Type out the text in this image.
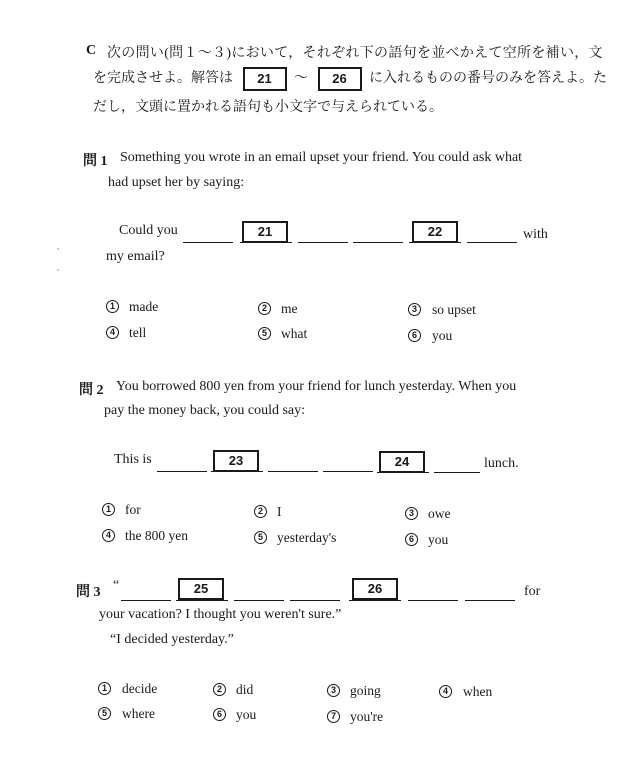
C 次の問い(問１～３)において，それぞれ下の語句を並べかえて空所を補い，文
を完成させよ。解答は 21 ～ 26 に入れるものの番号のみを答えよ。た
だし，文頭に置かれる語句も小文字で与えられている。
問 1 Something you wrote in an email upset your friend. You could ask what
had upset her by saying:
Could you	21	22	with
my email?
1 made	2 me	3 so upset
4 tell	5 what	6 you
問 2 You borrowed 800 yen from your friend for lunch yesterday. When you
pay the money back, you could say:
This is	23	24	lunch.
1 for	2 I	3 owe
4 the 800 yen	5 yesterday's	6 you
問 3 “	25	26	for
your vacation? I thought you weren't sure.”
“I decided yesterday.”
1 decide	2 did	3 going	4 when
5 where	6 you	7 you're
